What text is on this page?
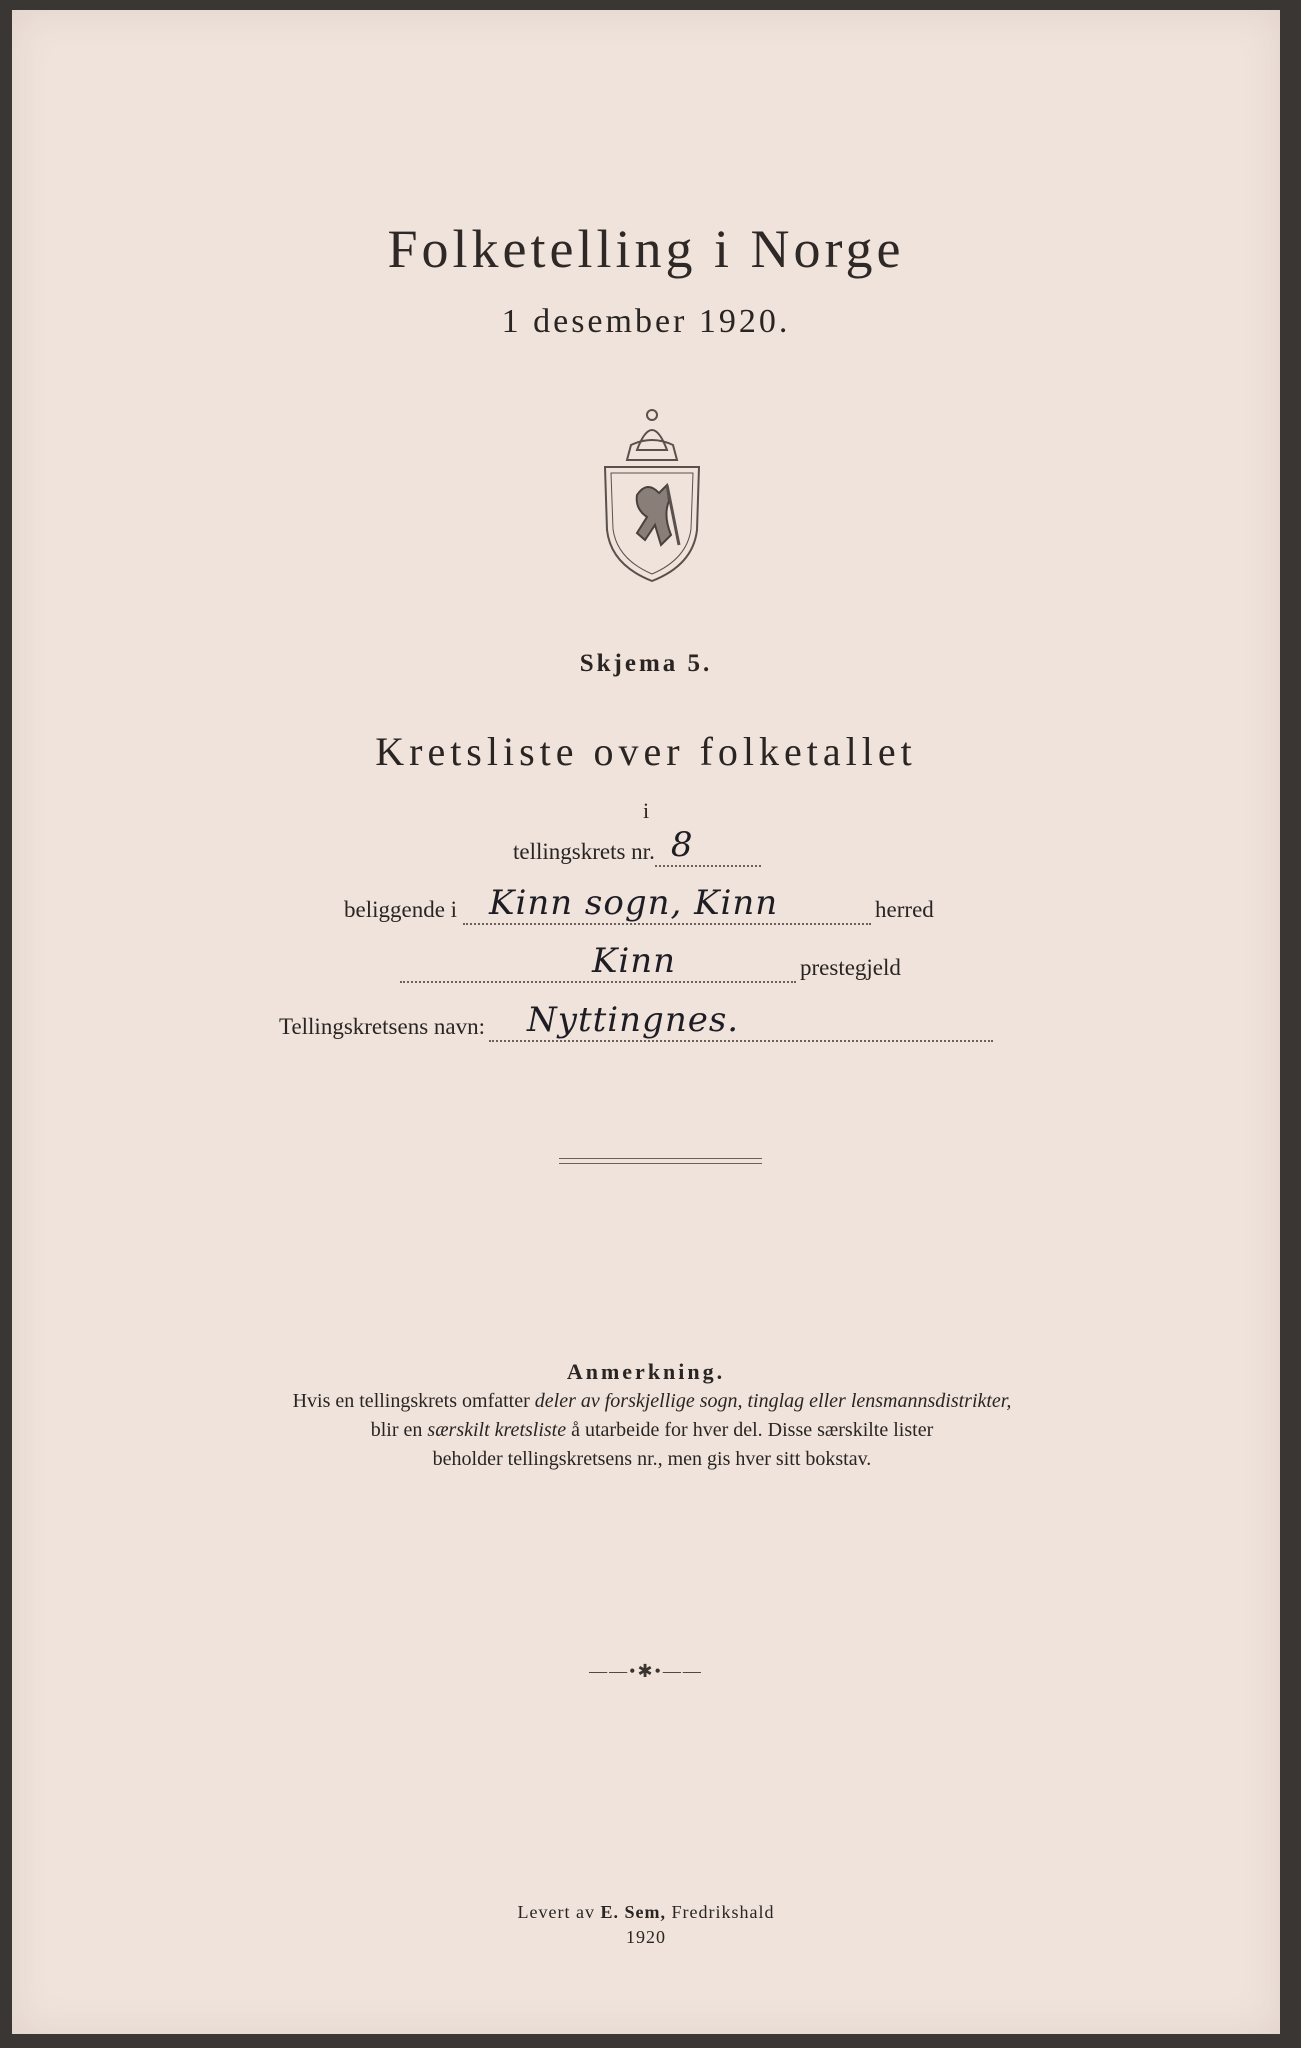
Folketelling i Norge
1 desember 1920.
Skjema 5.
Kretsliste over folketallet
i
tellingskrets nr. 8
beliggende i Kinn sogn, Kinn	herred
Kinn	prestegjeld
Tellingskretsens navn: Nyttingnes.
Anmerkning.
Hvis en tellingskrets omfatter deler av forskjellige sogn, tinglag eller lensmannsdistrikter,
blir en særskilt kretsliste å utarbeide for hver del. Disse særskilte lister
beholder tellingskretsens nr., men gis hver sitt bokstav.
——•✱•——
Levert av E. Sem, Fredrikshald
1920
